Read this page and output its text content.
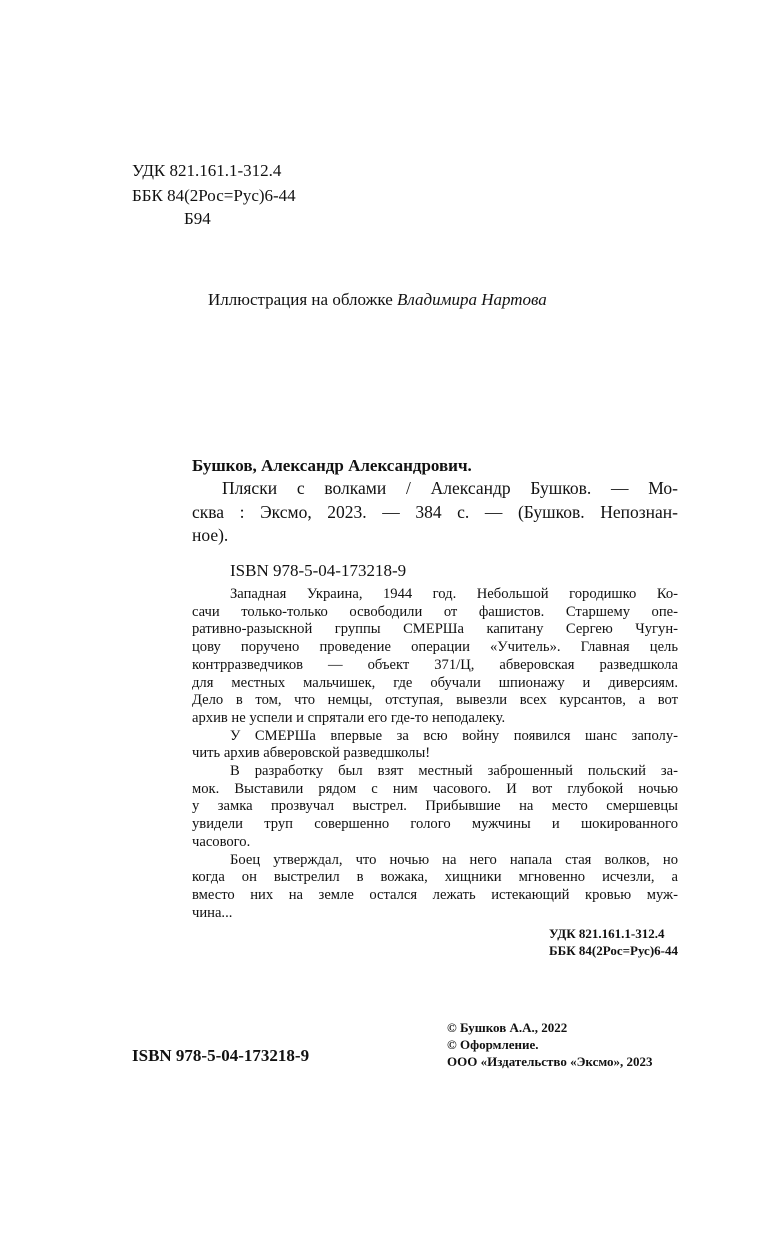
УДК 821.161.1-312.4
ББК 84(2Рос=Рус)6-44
Б94
Иллюстрация на обложке Владимира Нартова
Бушков, Александр Александрович.
Пляски с волками / Александр Бушков. — Мо-
сква : Эксмо, 2023. — 384 с. — (Бушков. Непознан-
ное).
ISBN 978-5-04-173218-9
Западная Украина, 1944 год. Небольшой городишко Ко-
сачи только-только освободили от фашистов. Старшему опе-
ративно-разыскной группы СМЕРШа капитану Сергею Чугун-
цову поручено проведение операции «Учитель». Главная цель
контрразведчиков — объект 371/Ц, абверовская разведшкола
для местных мальчишек, где обучали шпионажу и диверсиям.
Дело в том, что немцы, отступая, вывезли всех курсантов, а вот
архив не успели и спрятали его где-то неподалеку.
У СМЕРШа впервые за всю войну появился шанс заполу-
чить архив абверовской разведшколы!
В разработку был взят местный заброшенный польский за-
мок. Выставили рядом с ним часового. И вот глубокой ночью
у замка прозвучал выстрел. Прибывшие на место смершевцы
увидели труп совершенно голого мужчины и шокированного
часового.
Боец утверждал, что ночью на него напала стая волков, но
когда он выстрелил в вожака, хищники мгновенно исчезли, а
вместо них на земле остался лежать истекающий кровью муж-
чина...
УДК 821.161.1-312.4
ББК 84(2Рос=Рус)6-44
© Бушков А.А., 2022
© Оформление.
ООО «Издательство «Эксмо», 2023
ISBN 978-5-04-173218-9
